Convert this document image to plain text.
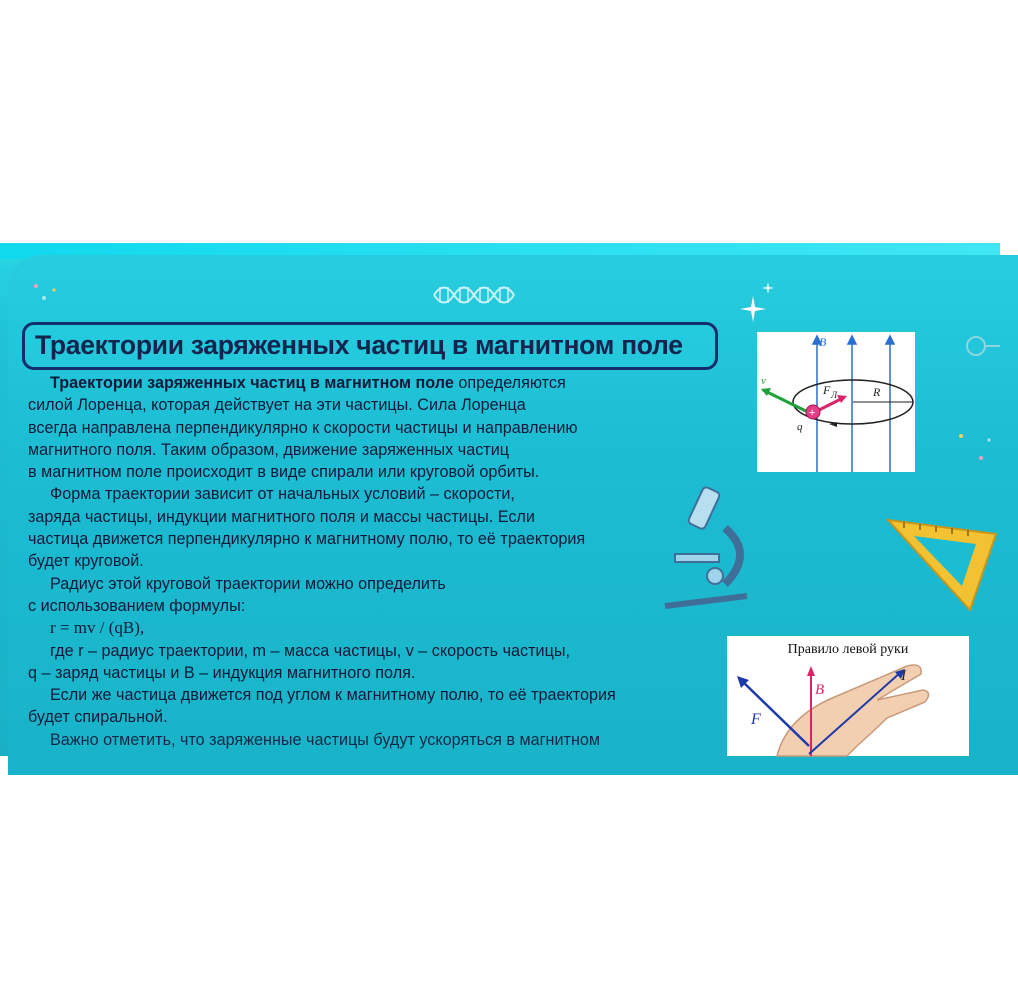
Траектории заряженных частиц в магнитном поле

Траектории заряженных частиц в магнитном поле определяются

силой Лоренца, которая действует на эти частицы. Сила Лоренца

всегда направлена перпендикулярно к скорости частицы и направлению

магнитного поля. Таким образом, движение заряженных частиц

в магнитном поле происходит в виде спирали или круговой орбиты.

Форма траектории зависит от начальных условий – скорости,

заряда частицы, индукции магнитного поля и массы частицы. Если

частица движется перпендикулярно к магнитному полю, то её траектория

будет круговой.

Радиус этой круговой траектории можно определить

с использованием формулы:

r = mv / (qB),

где r – радиус траектории, m – масса частицы, v – скорость частицы,

q – заряд частицы и B – индукция магнитного поля.

Если же частица движется под углом к магнитному полю, то её траектория

будет спиральной.

+
B
v
F Л	R
q
Правило левой руки
B
F
I
